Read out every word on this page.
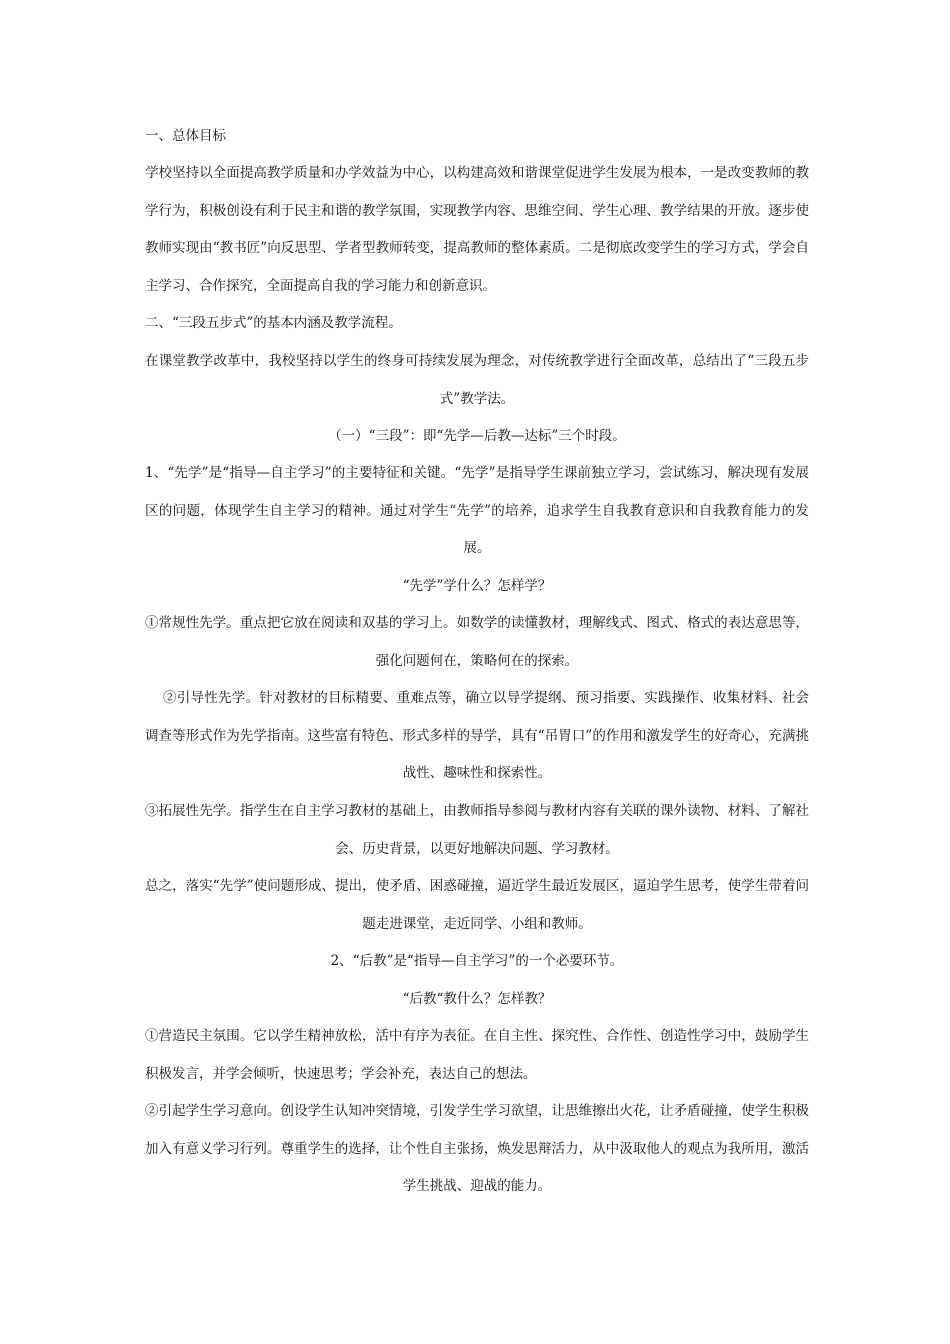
一、总体目标

学校坚持以全面提高教学质量和办学效益为中心，以构建高效和谐课堂促进学生发展为根本，一是改变教师的教学行为，积极创设有利于民主和谐的教学氛围，实现教学内容、思维空间、学生心理、教学结果的开放。逐步使教师实现由“教书匠”向反思型、学者型教师转变，提高教师的整体素质。二是彻底改变学生的学习方式，学会自主学习、合作探究，全面提高自我的学习能力和创新意识。

二、“三段五步式”的基本内涵及教学流程。

在课堂教学改革中，我校坚持以学生的终身可持续发展为理念，对传统教学进行全面改革，总结出了“三段五步式”教学法。

（一）“三段”：即“先学—后教—达标”三个时段。

1、“先学”是“指导—自主学习”的主要特征和关键。“先学”是指导学生课前独立学习，尝试练习，解决现有发展区的问题，体现学生自主学习的精神。通过对学生“先学”的培养，追求学生自我教育意识和自我教育能力的发展。

“先学”学什么？怎样学？

①常规性先学。重点把它放在阅读和双基的学习上。如数学的读懂教材，理解线式、图式、格式的表达意思等，强化问题何在，策略何在的探索。

②引导性先学。针对教材的目标精要、重难点等，确立以导学提纲、预习指要、实践操作、收集材料、社会调查等形式作为先学指南。这些富有特色、形式多样的导学，具有“吊胃口”的作用和激发学生的好奇心，充满挑战性、趣味性和探索性。

③拓展性先学。指学生在自主学习教材的基础上，由教师指导参阅与教材内容有关联的课外读物、材料、了解社会、历史背景，以更好地解决问题、学习教材。

总之，落实“先学”使问题形成、提出，使矛盾、困惑碰撞，逼近学生最近发展区，逼迫学生思考，使学生带着问题走进课堂，走近同学、小组和教师。

2、“后教”是“指导—自主学习”的一个必要环节。

“后教“教什么？怎样教？

①营造民主氛围。它以学生精神放松，活中有序为表征。在自主性、探究性、合作性、创造性学习中，鼓励学生积极发言，并学会倾听，快速思考；学会补充，表达自己的想法。

②引起学生学习意向。创设学生认知冲突情境，引发学生学习欲望，让思维擦出火花，让矛盾碰撞，使学生积极加入有意义学习行列。尊重学生的选择，让个性自主张扬，焕发思辩活力，从中汲取他人的观点为我所用，激活学生挑战、迎战的能力。
